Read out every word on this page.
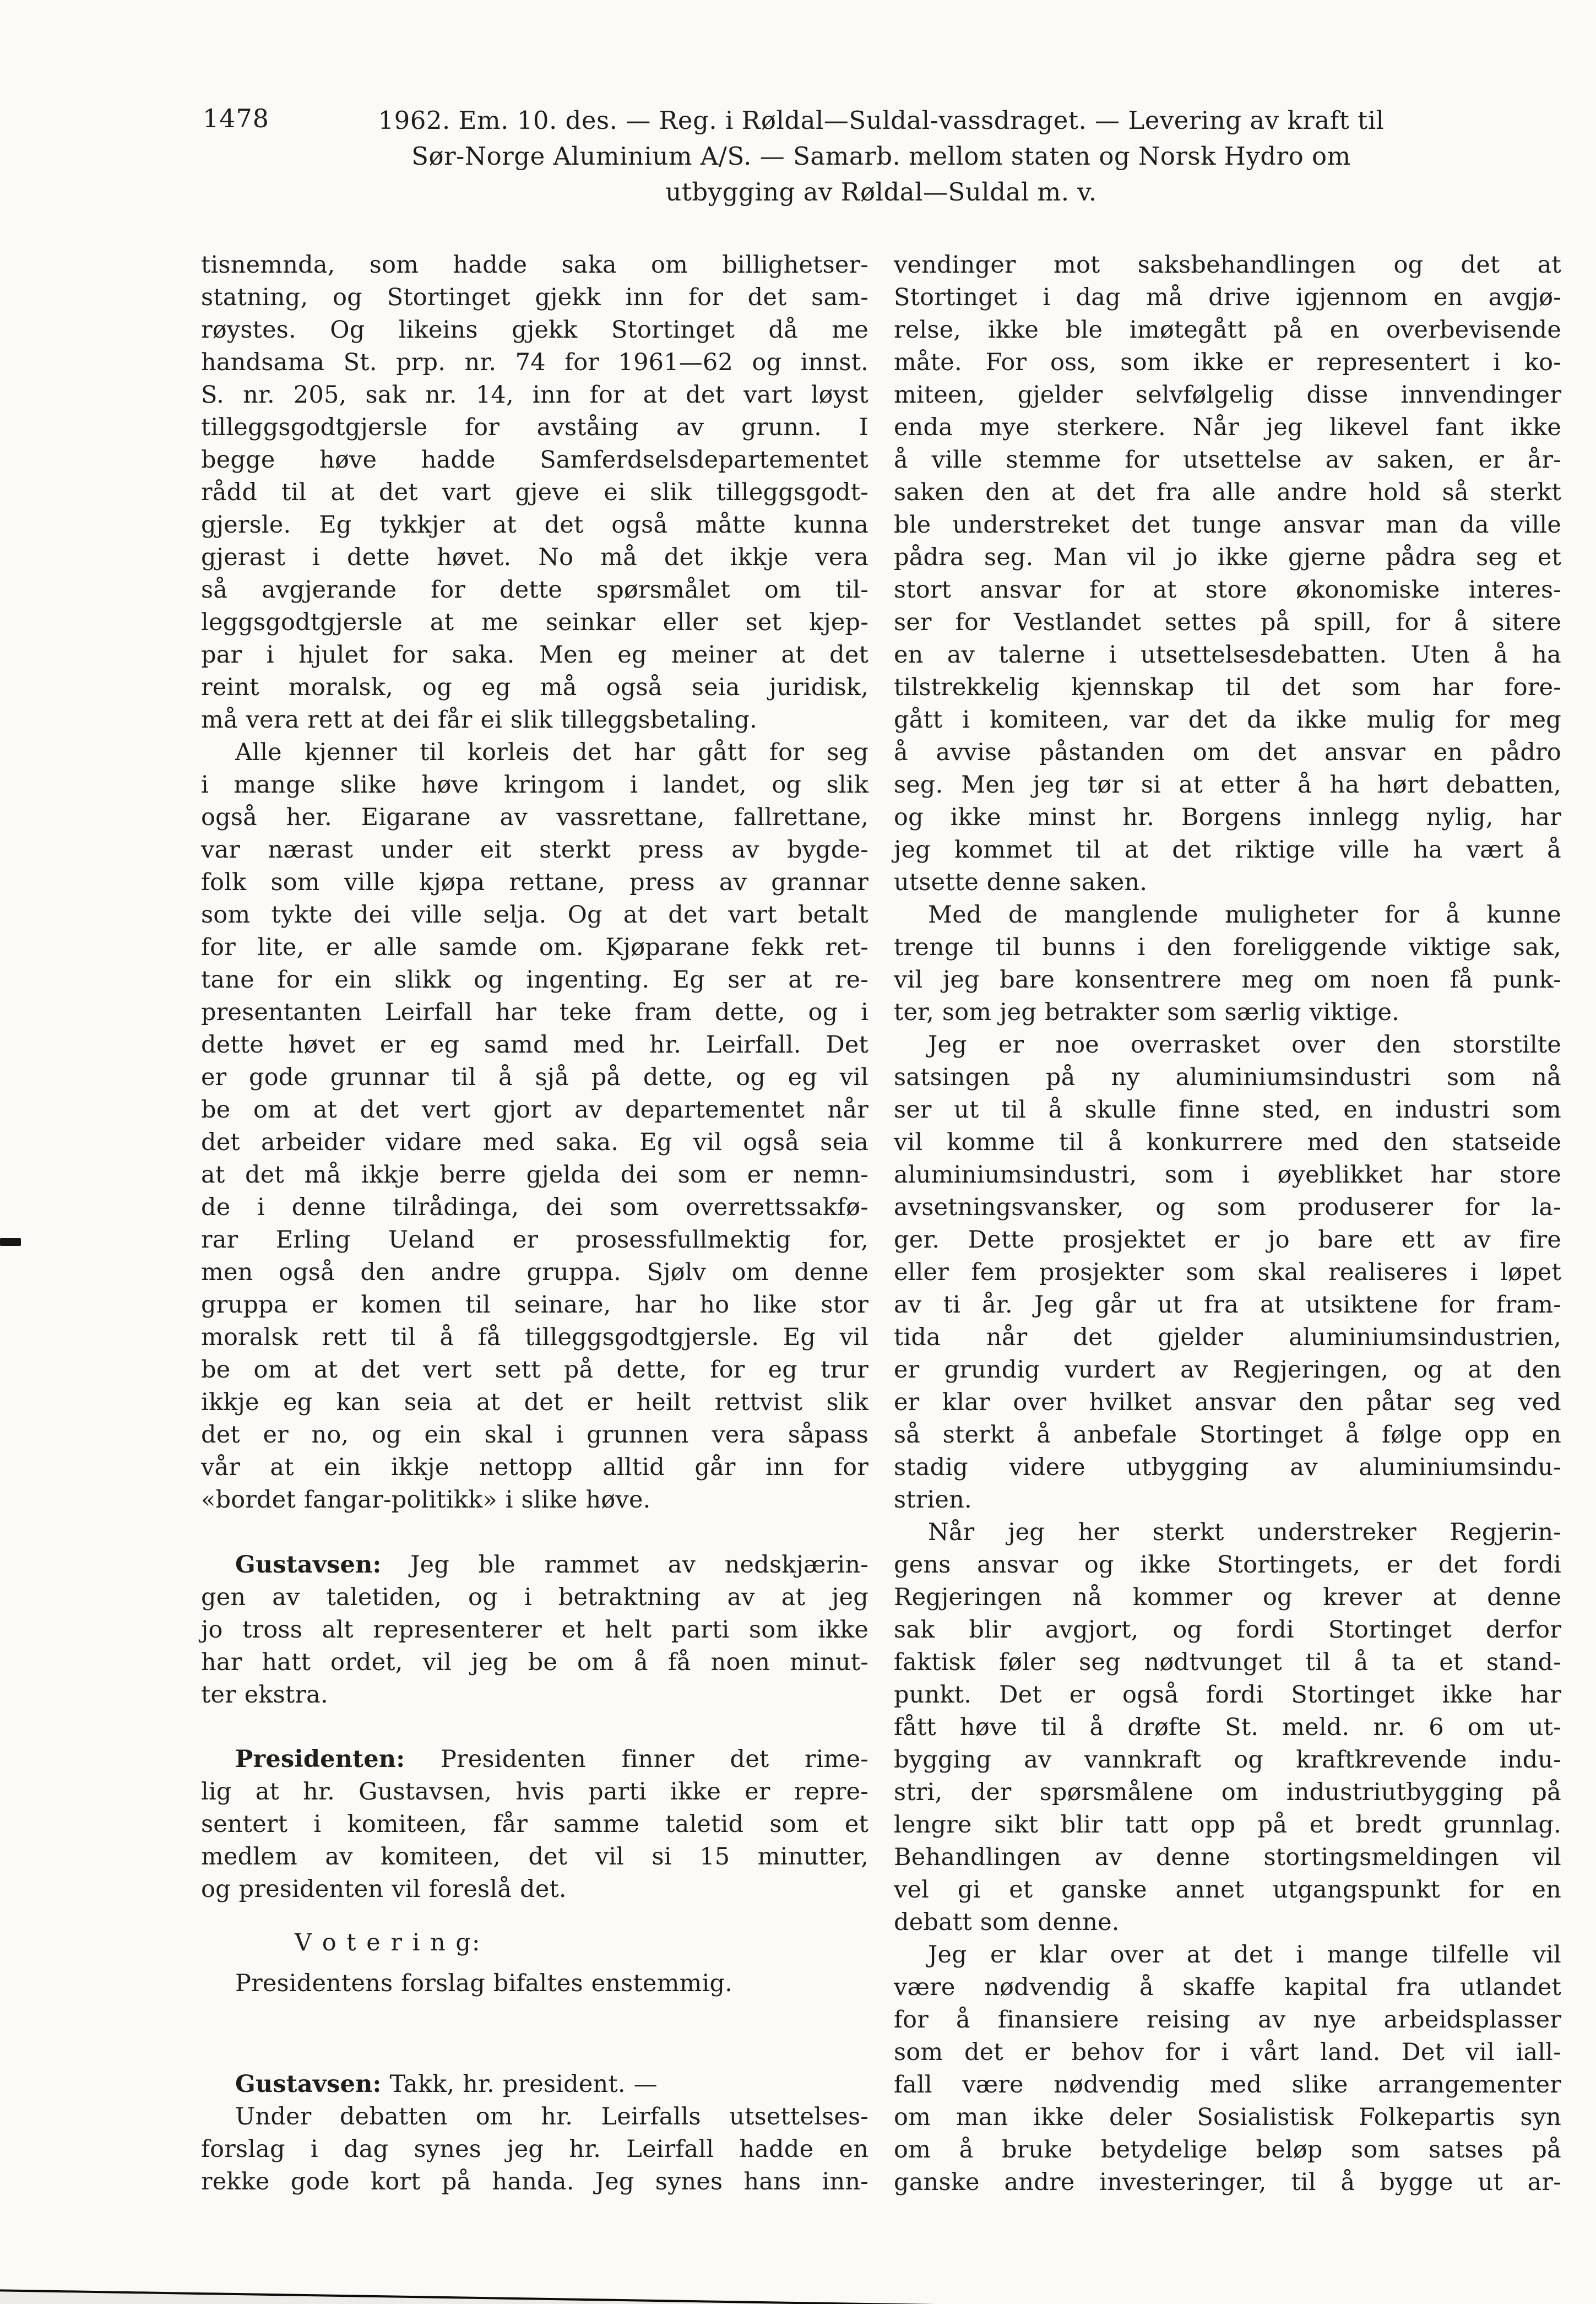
1478	1962. Em. 10. des. — Reg. i Røldal—Suldal-vassdraget. — Levering av kraft til
Sør-Norge Aluminium A/S. — Samarb. mellom staten og Norsk Hydro om
utbygging av Røldal—Suldal m. v.
tisnemnda, som hadde saka om billighetser-
statning, og Stortinget gjekk inn for det sam-
røystes. Og likeins gjekk Stortinget då me
handsama St. prp. nr. 74 for 1961—62 og innst.
S. nr. 205, sak nr. 14, inn for at det vart løyst
tilleggsgodtgjersle for avståing av grunn. I
begge høve hadde Samferdselsdepartementet
rådd til at det vart gjeve ei slik tilleggsgodt-
gjersle. Eg tykkjer at det også måtte kunna
gjerast i dette høvet. No må det ikkje vera
så avgjerande for dette spørsmålet om til-
leggsgodtgjersle at me seinkar eller set kjep-
par i hjulet for saka. Men eg meiner at det
reint moralsk, og eg må også seia juridisk,
må vera rett at dei får ei slik tilleggsbetaling.
Alle kjenner til korleis det har gått for seg
i mange slike høve kringom i landet, og slik
også her. Eigarane av vassrettane, fallrettane,
var nærast under eit sterkt press av bygde-
folk som ville kjøpa rettane, press av grannar
som tykte dei ville selja. Og at det vart betalt
for lite, er alle samde om. Kjøparane fekk ret-
tane for ein slikk og ingenting. Eg ser at re-
presentanten Leirfall har teke fram dette, og i
dette høvet er eg samd med hr. Leirfall. Det
er gode grunnar til å sjå på dette, og eg vil
be om at det vert gjort av departementet når
det arbeider vidare med saka. Eg vil også seia
at det må ikkje berre gjelda dei som er nemn-
de i denne tilrådinga, dei som overrettssakfø-
rar Erling Ueland er prosessfullmektig for,
men også den andre gruppa. Sjølv om denne
gruppa er komen til seinare, har ho like stor
moralsk rett til å få tilleggsgodtgjersle. Eg vil
be om at det vert sett på dette, for eg trur
ikkje eg kan seia at det er heilt rettvist slik
det er no, og ein skal i grunnen vera såpass
vår at ein ikkje nettopp alltid går inn for
«bordet fangar-politikk» i slike høve.
Gustavsen: Jeg ble rammet av nedskjærin-
gen av taletiden, og i betraktning av at jeg
jo tross alt representerer et helt parti som ikke
har hatt ordet, vil jeg be om å få noen minut-
ter ekstra.
Presidenten: Presidenten finner det rime-
lig at hr. Gustavsen, hvis parti ikke er repre-
sentert i komiteen, får samme taletid som et
medlem av komiteen, det vil si 15 minutter,
og presidenten vil foreslå det.
V o t e r i n g:
Presidentens forslag bifaltes enstemmig.
Gustavsen: Takk, hr. president. —
Under debatten om hr. Leirfalls utsettelses-
forslag i dag synes jeg hr. Leirfall hadde en
rekke gode kort på handa. Jeg synes hans inn-
vendinger mot saksbehandlingen og det at
Stortinget i dag må drive igjennom en avgjø-
relse, ikke ble imøtegått på en overbevisende
måte. For oss, som ikke er representert i ko-
miteen, gjelder selvfølgelig disse innvendinger
enda mye sterkere. Når jeg likevel fant ikke
å ville stemme for utsettelse av saken, er år-
saken den at det fra alle andre hold så sterkt
ble understreket det tunge ansvar man da ville
pådra seg. Man vil jo ikke gjerne pådra seg et
stort ansvar for at store økonomiske interes-
ser for Vestlandet settes på spill, for å sitere
en av talerne i utsettelsesdebatten. Uten å ha
tilstrekkelig kjennskap til det som har fore-
gått i komiteen, var det da ikke mulig for meg
å avvise påstanden om det ansvar en pådro
seg. Men jeg tør si at etter å ha hørt debatten,
og ikke minst hr. Borgens innlegg nylig, har
jeg kommet til at det riktige ville ha vært å
utsette denne saken.
Med de manglende muligheter for å kunne
trenge til bunns i den foreliggende viktige sak,
vil jeg bare konsentrere meg om noen få punk-
ter, som jeg betrakter som særlig viktige.
Jeg er noe overrasket over den storstilte
satsingen på ny aluminiumsindustri som nå
ser ut til å skulle finne sted, en industri som
vil komme til å konkurrere med den statseide
aluminiumsindustri, som i øyeblikket har store
avsetningsvansker, og som produserer for la-
ger. Dette prosjektet er jo bare ett av fire
eller fem prosjekter som skal realiseres i løpet
av ti år. Jeg går ut fra at utsiktene for fram-
tida når det gjelder aluminiumsindustrien,
er grundig vurdert av Regjeringen, og at den
er klar over hvilket ansvar den påtar seg ved
så sterkt å anbefale Stortinget å følge opp en
stadig videre utbygging av aluminiumsindu-
strien.
Når jeg her sterkt understreker Regjerin-
gens ansvar og ikke Stortingets, er det fordi
Regjeringen nå kommer og krever at denne
sak blir avgjort, og fordi Stortinget derfor
faktisk føler seg nødtvunget til å ta et stand-
punkt. Det er også fordi Stortinget ikke har
fått høve til å drøfte St. meld. nr. 6 om ut-
bygging av vannkraft og kraftkrevende indu-
stri, der spørsmålene om industriutbygging på
lengre sikt blir tatt opp på et bredt grunnlag.
Behandlingen av denne stortingsmeldingen vil
vel gi et ganske annet utgangspunkt for en
debatt som denne.
Jeg er klar over at det i mange tilfelle vil
være nødvendig å skaffe kapital fra utlandet
for å finansiere reising av nye arbeidsplasser
som det er behov for i vårt land. Det vil iall-
fall være nødvendig med slike arrangementer
om man ikke deler Sosialistisk Folkepartis syn
om å bruke betydelige beløp som satses på
ganske andre investeringer, til å bygge ut ar-
